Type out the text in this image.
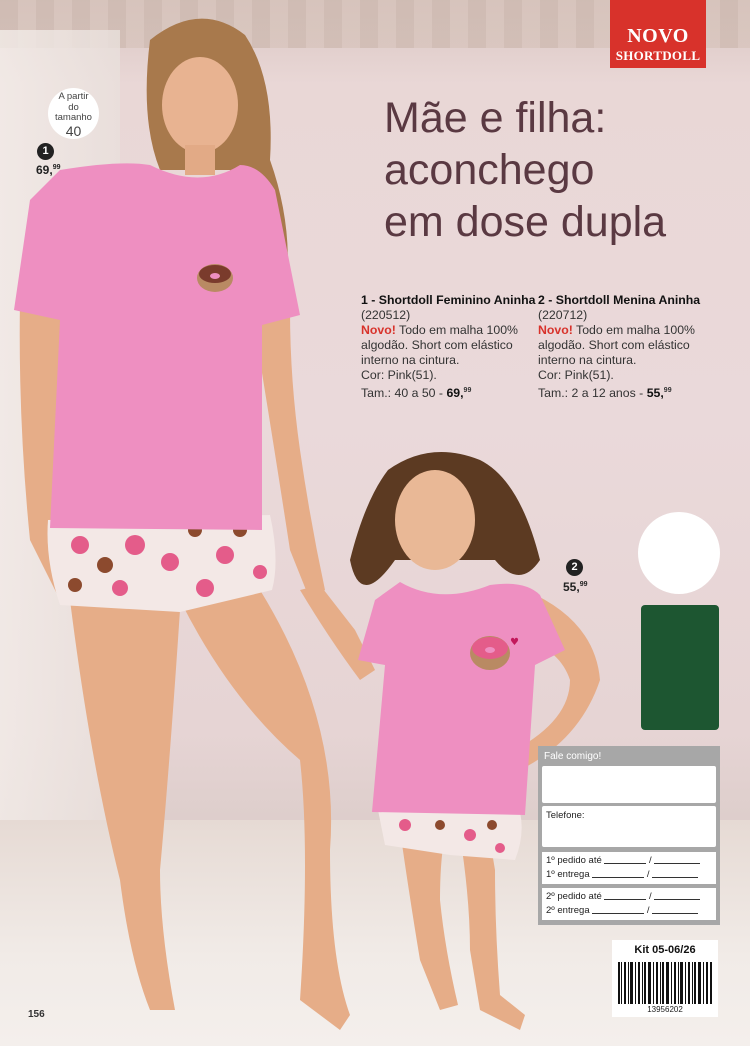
♥
NOVO
SHORTDOLL
Mãe e filha:
aconchego
em dose dupla
A partir
do
tamanho
40
1
69,99
2
55,99
1 - Shortdoll Feminino Aninha
(220512)
Novo! Todo em malha 100%
algodão. Short com elástico
interno na cintura.
Cor: Pink(51).
Tam.: 40 a 50 - 69,99
2 - Shortdoll Menina Aninha
(220712)
Novo! Todo em malha 100%
algodão. Short com elástico
interno na cintura.
Cor: Pink(51).
Tam.: 2 a 12 anos - 55,99
Fale comigo!
Telefone:
1º pedido até	/
1º entrega	/
2º pedido até	/
2º entrega	/
Kit 05-06/26
13956202
156
